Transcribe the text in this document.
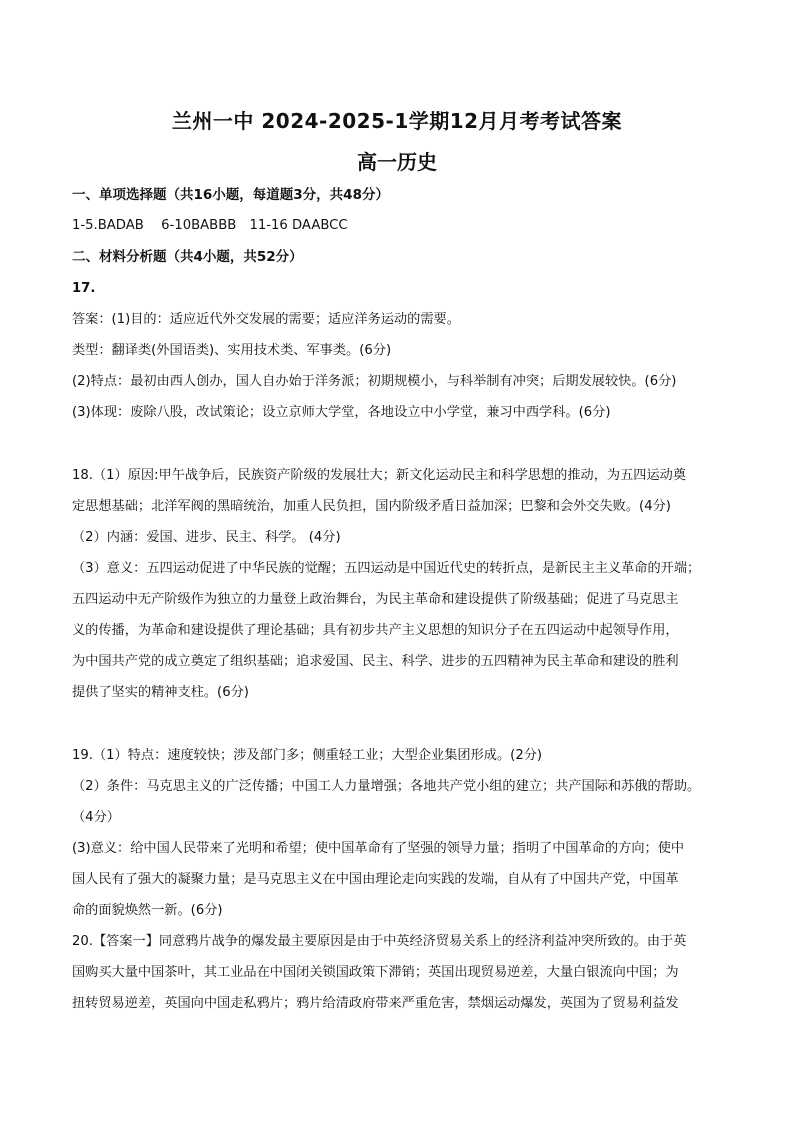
兰州一中 2024-2025-1学期12月月考考试答案
高一历史
一、单项选择题（共16小题，每道题3分，共48分）
1-5.BADAB　 6-10BABBB　11-16 DAABCC
二、材料分析题（共4小题，共52分）
17.
答案：(1)目的：适应近代外交发展的需要；适应洋务运动的需要。
类型：翻译类(外国语类)、实用技术类、军事类。(6分)
(2)特点：最初由西人创办，国人自办始于洋务派；初期规模小，与科举制有冲突；后期发展较快。(6分)
(3)体现：废除八股，改试策论；设立京师大学堂，各地设立中小学堂，兼习中西学科。(6分)
18.（1）原因:甲午战争后，民族资产阶级的发展壮大；新文化运动民主和科学思想的推动，为五四运动奠
定思想基础；北洋军阀的黑暗统治，加重人民负担，国内阶级矛盾日益加深；巴黎和会外交失败。(4分)
（2）内涵：爱国、进步、民主、科学。 (4分)
（3）意义：五四运动促进了中华民族的觉醒；五四运动是中国近代史的转折点，是新民主主义革命的开端；
五四运动中无产阶级作为独立的力量登上政治舞台，为民主革命和建设提供了阶级基础；促进了马克思主
义的传播，为革命和建设提供了理论基础；具有初步共产主义思想的知识分子在五四运动中起领导作用，
为中国共产党的成立奠定了组织基础；追求爱国、民主、科学、进步的五四精神为民主革命和建设的胜利
提供了坚实的精神支柱。(6分)
19.（1）特点：速度较快；涉及部门多；侧重轻工业；大型企业集团形成。(2分)
（2）条件：马克思主义的广泛传播；中国工人力量增强；各地共产党小组的建立；共产国际和苏俄的帮助。
（4分）
(3)意义：给中国人民带来了光明和希望；使中国革命有了坚强的领导力量；指明了中国革命的方向；使中
国人民有了强大的凝聚力量；是马克思主义在中国由理论走向实践的发端，自从有了中国共产党，中国革
命的面貌焕然一新。(6分)
20.【答案一】同意鸦片战争的爆发最主要原因是由于中英经济贸易关系上的经济利益冲突所致的。由于英
国购买大量中国茶叶，其工业品在中国闭关锁国政策下滞销；英国出现贸易逆差，大量白银流向中国；为
扭转贸易逆差，英国向中国走私鸦片；鸦片给清政府带来严重危害，禁烟运动爆发，英国为了贸易利益发
